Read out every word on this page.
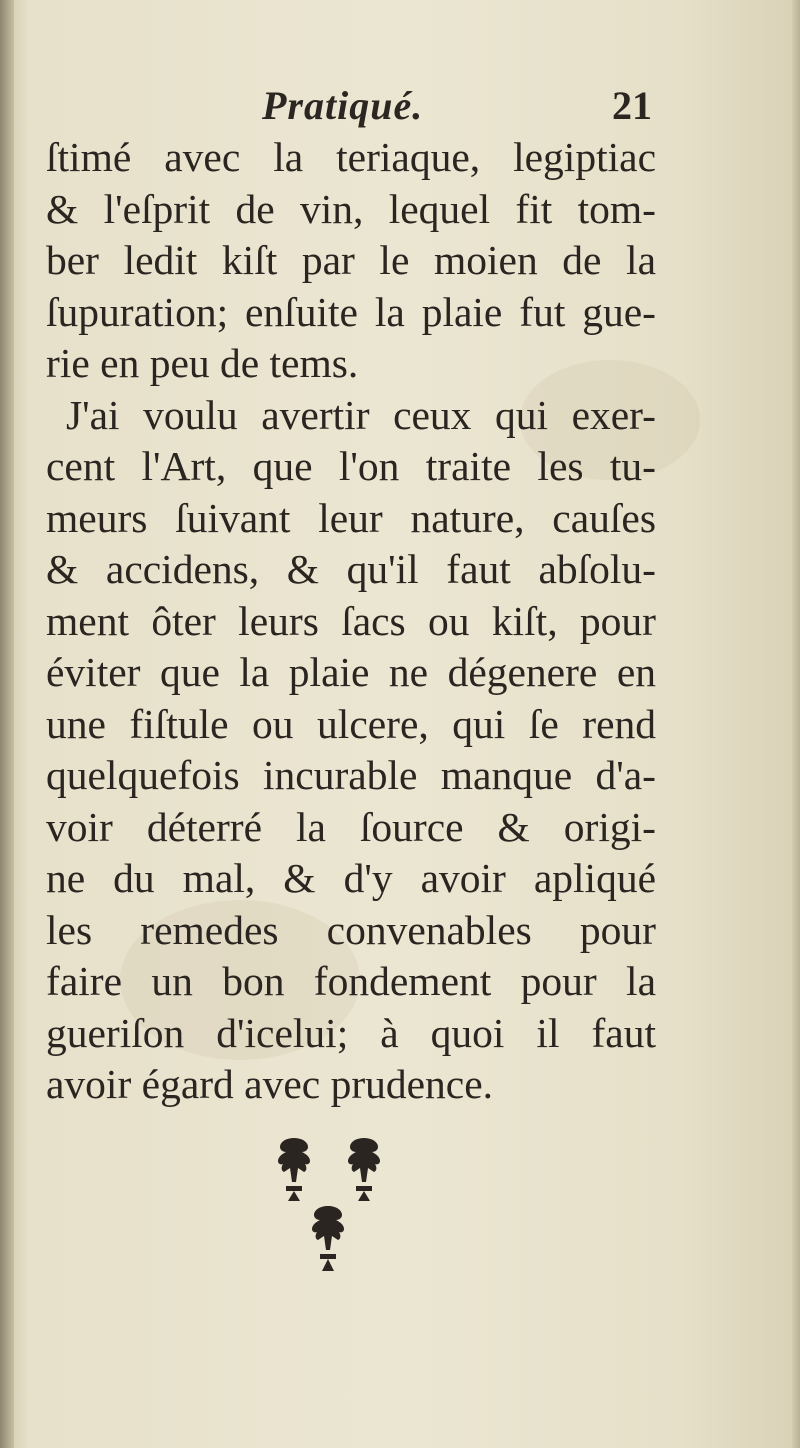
Pratiqué.	21
ſtimé avec la teriaque, legiptiac
& l'eſprit de vin, lequel fit tom-
ber ledit kiſt par le moien de la
ſupuration; enſuite la plaie fut gue-
rie en peu de tems.
J'ai voulu avertir ceux qui exer-
cent l'Art, que l'on traite les tu-
meurs ſuivant leur nature, cauſes
& accidens, & qu'il faut abſolu-
ment ôter leurs ſacs ou kiſt, pour
éviter que la plaie ne dégenere en
une fiſtule ou ulcere, qui ſe rend
quelquefois incurable manque d'a-
voir déterré la ſource & origi-
ne du mal, & d'y avoir apliqué
les remedes convenables pour
faire un bon fondement pour la
gueriſon d'icelui; à quoi il faut
avoir égard avec prudence.
